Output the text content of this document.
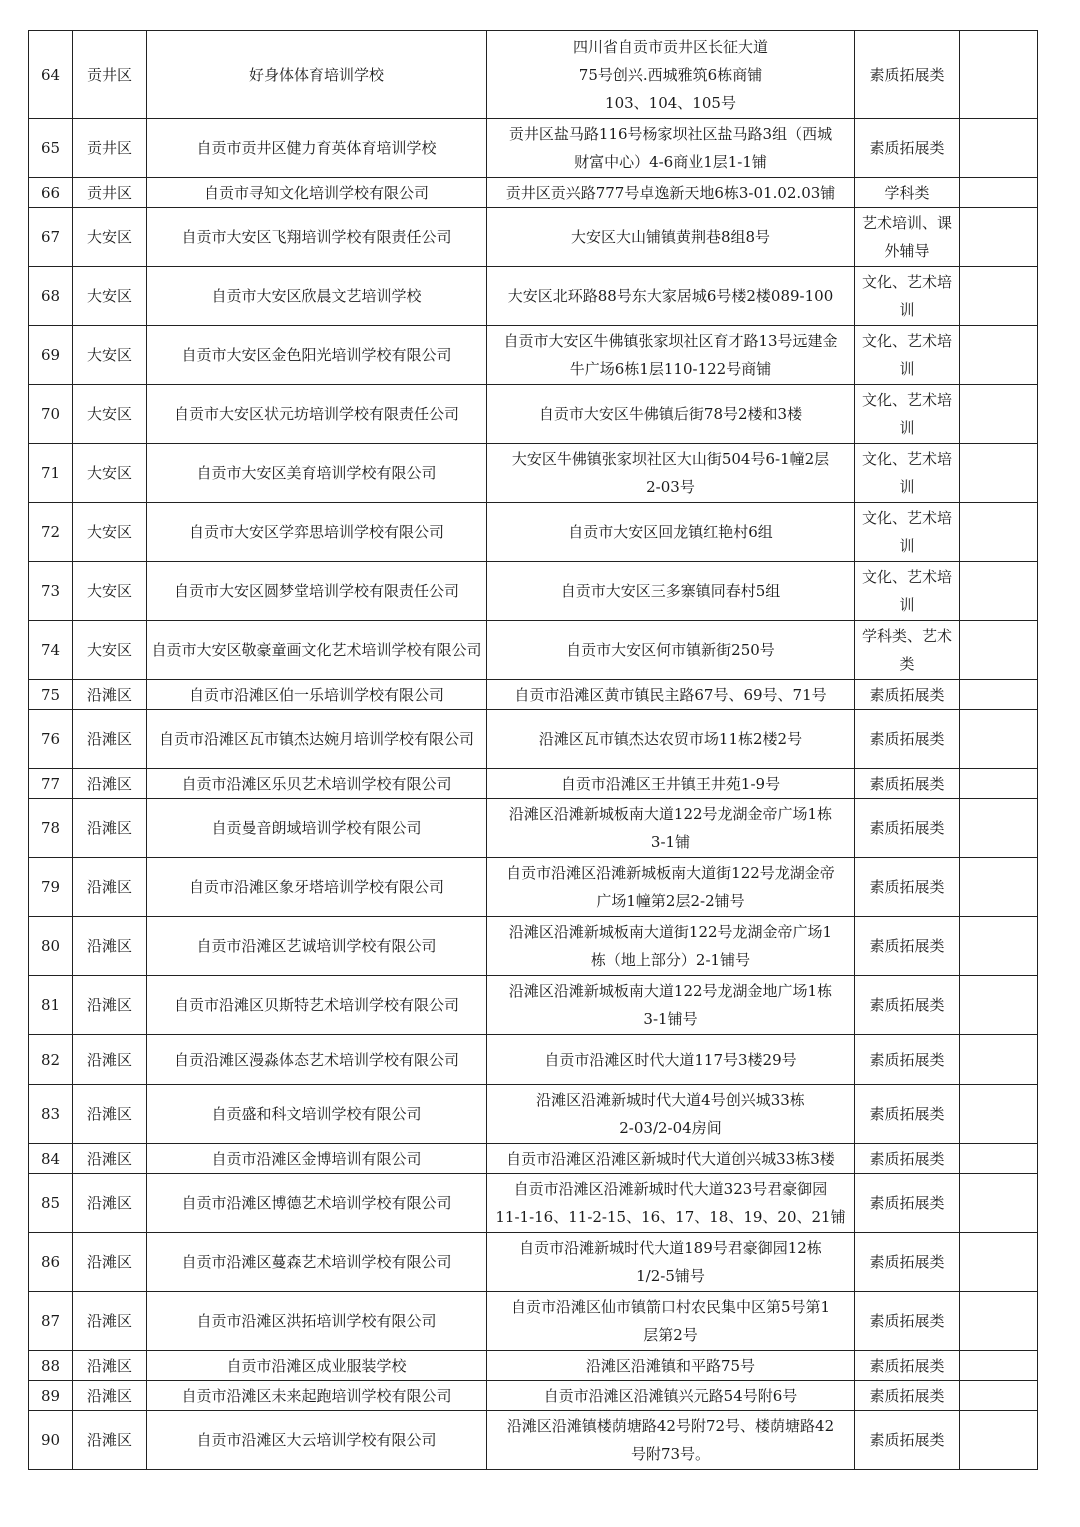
64	贡井区	好身体体育培训学校	四川省自贡市贡井区长征大道
75号创兴.西城雅筑6栋商铺
103、104、105号	素质拓展类	
65	贡井区	自贡市贡井区健力育英体育培训学校	贡井区盐马路116号杨家坝社区盐马路3组（西城
财富中心）4-6商业1层1-1铺	素质拓展类	
66	贡井区	自贡市寻知文化培训学校有限公司	贡井区贡兴路777号卓逸新天地6栋3-01.02.03铺	学科类	
67	大安区	自贡市大安区飞翔培训学校有限责任公司	大安区大山铺镇黄荆巷8组8号	艺术培训、课外辅导	
68	大安区	自贡市大安区欣晨文艺培训学校	大安区北环路88号东大家居城6号楼2楼089-100	文化、艺术培训	
69	大安区	自贡市大安区金色阳光培训学校有限公司	自贡市大安区牛佛镇张家坝社区育才路13号远建金
牛广场6栋1层110-122号商铺	文化、艺术培训	
70	大安区	自贡市大安区状元坊培训学校有限责任公司	自贡市大安区牛佛镇后街78号2楼和3楼	文化、艺术培训	
71	大安区	自贡市大安区美育培训学校有限公司	大安区牛佛镇张家坝社区大山街504号6-1幢2层
2-03号	文化、艺术培训	
72	大安区	自贡市大安区学弈思培训学校有限公司	自贡市大安区回龙镇红艳村6组	文化、艺术培训	
73	大安区	自贡市大安区圆梦堂培训学校有限责任公司	自贡市大安区三多寨镇同春村5组	文化、艺术培训	
74	大安区	自贡市大安区敬豪童画文化艺术培训学校有限公司	自贡市大安区何市镇新街250号	学科类、艺术类	
75	沿滩区	自贡市沿滩区伯一乐培训学校有限公司	自贡市沿滩区黄市镇民主路67号、69号、71号	素质拓展类	
76	沿滩区	自贡市沿滩区瓦市镇杰达婉月培训学校有限公司	沿滩区瓦市镇杰达农贸市场11栋2楼2号	素质拓展类	
77	沿滩区	自贡市沿滩区乐贝艺术培训学校有限公司	自贡市沿滩区王井镇王井苑1-9号	素质拓展类	
78	沿滩区	自贡曼音朗域培训学校有限公司	沿滩区沿滩新城板南大道122号龙湖金帝广场1栋
3-1铺	素质拓展类	
79	沿滩区	自贡市沿滩区象牙塔培训学校有限公司	自贡市沿滩区沿滩新城板南大道街122号龙湖金帝
广场1幢第2层2-2铺号	素质拓展类	
80	沿滩区	自贡市沿滩区艺诚培训学校有限公司	沿滩区沿滩新城板南大道街122号龙湖金帝广场1
栋（地上部分）2-1铺号	素质拓展类	
81	沿滩区	自贡市沿滩区贝斯特艺术培训学校有限公司	沿滩区沿滩新城板南大道122号龙湖金地广场1栋
3-1铺号	素质拓展类	
82	沿滩区	自贡沿滩区漫淼体态艺术培训学校有限公司	自贡市沿滩区时代大道117号3楼29号	素质拓展类	
83	沿滩区	自贡盛和科文培训学校有限公司	沿滩区沿滩新城时代大道4号创兴城33栋
2-03/2-04房间	素质拓展类	
84	沿滩区	自贡市沿滩区金博培训有限公司	自贡市沿滩区沿滩区新城时代大道创兴城33栋3楼	素质拓展类	
85	沿滩区	自贡市沿滩区博德艺术培训学校有限公司	自贡市沿滩区沿滩新城时代大道323号君豪御园
11-1-16、11-2-15、16、17、18、19、20、21铺	素质拓展类	
86	沿滩区	自贡市沿滩区蔓森艺术培训学校有限公司	自贡市沿滩新城时代大道189号君豪御园12栋
1/2-5铺号	素质拓展类	
87	沿滩区	自贡市沿滩区洪拓培训学校有限公司	自贡市沿滩区仙市镇箭口村农民集中区第5号第1
层第2号	素质拓展类	
88	沿滩区	自贡市沿滩区成业服装学校	沿滩区沿滩镇和平路75号	素质拓展类	
89	沿滩区	自贡市沿滩区未来起跑培训学校有限公司	自贡市沿滩区沿滩镇兴元路54号附6号	素质拓展类	
90	沿滩区	自贡市沿滩区大云培训学校有限公司	沿滩区沿滩镇楼荫塘路42号附72号、楼荫塘路42
号附73号。	素质拓展类	
